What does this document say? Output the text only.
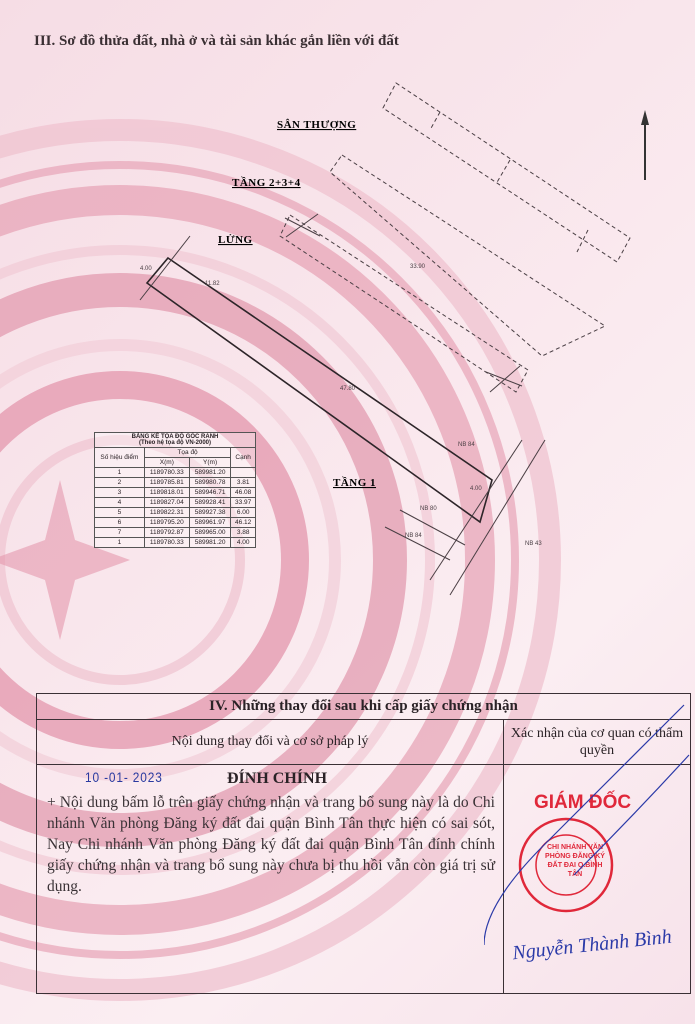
III. Sơ đồ thửa đất, nhà ở và tài sản khác gắn liền với đất
SÂN THƯỢNG
TẦNG 2+3+4
LỬNG
TẦNG 1
NB 84
NB 80
NB 84
NB 43
47.80
4.00
11.82
33.90
4.00
BẢNG KÊ TỌA ĐỘ GÓC RANH
(Theo hệ tọa độ VN-2000)			
Số hiệu điểm	Tọa độ		Cạnh
	X(m)	Y(m)	
1	1189780.33	589981.20	
2	1189785.81	589980.78	3.81
3	1189818.01	589946.71	46.08
4	1189827.04	589928.41	33.97
5	1189822.31	589927.38	6.00
6	1189795.20	589961.97	46.12
7	1189792.87	589965.00	3.88
1	1189780.33	589981.20	4.00
IV. Những thay đổi sau khi cấp giấy chứng nhận
Nội dung thay đổi và cơ sở pháp lý
Xác nhận của cơ quan có thẩm quyền
10 -01- 2023	ĐÍNH CHÍNH
+ Nội dung bấm lỗ trên giấy chứng nhận và trang bổ sung này là do Chi nhánh Văn phòng Đăng ký đất đai quận Bình Tân thực hiện có sai sót, Nay Chi nhánh Văn phòng Đăng ký đất đai quận Bình Tân đính chính giấy chứng nhận và trang bổ sung này chưa bị thu hồi vẫn còn giá trị sử dụng.
GIÁM ĐỐC
CHI NHÁNH VĂN PHÒNG ĐĂNG KÝ ĐẤT ĐAI Q.BÌNH TÂN
Nguyễn Thành Bình
